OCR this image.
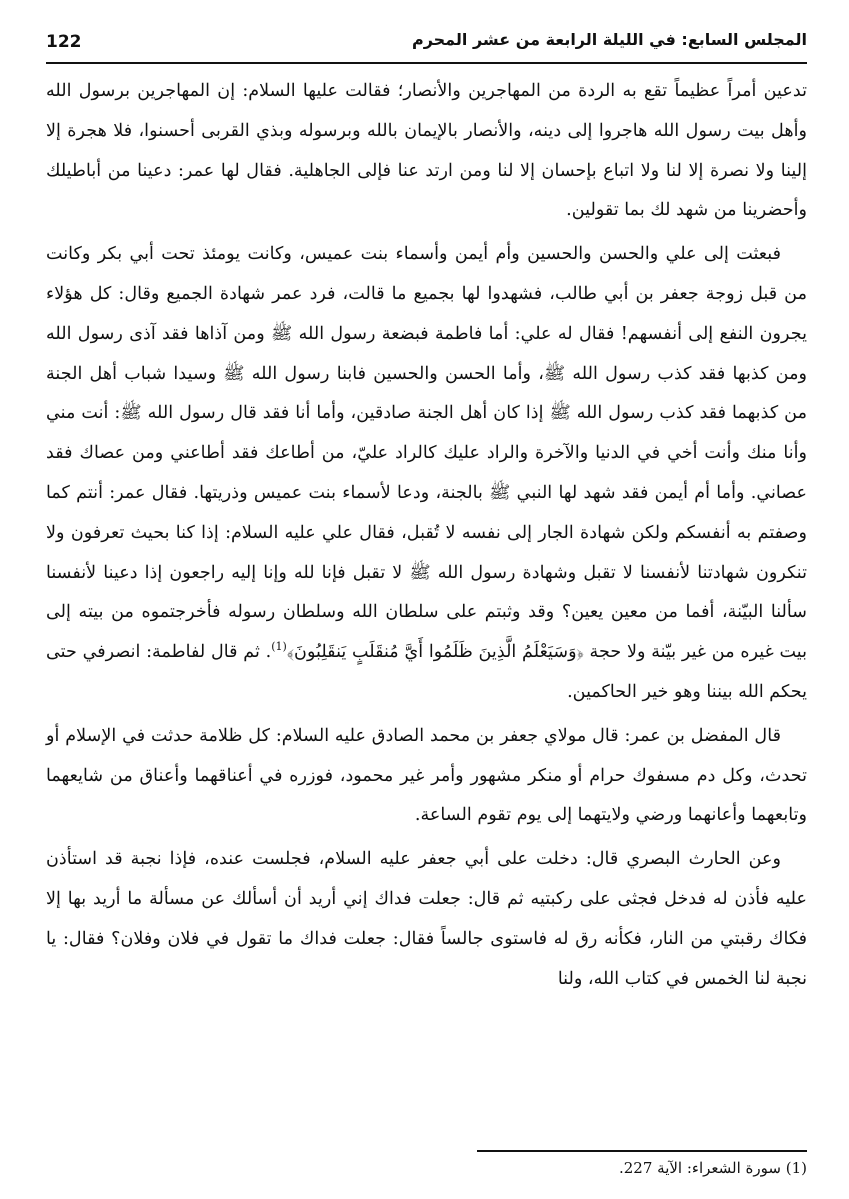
122	المجلس السابع: في الليلة الرابعة من عشر المحرم

تدعين أمراً عظيماً تقع به الردة من المهاجرين والأنصار؛ فقالت عليها السلام: إن المهاجرين برسول الله وأهل بيت رسول الله هاجروا إلى دينه، والأنصار بالإيمان بالله وبرسوله وبذي القربى أحسنوا، فلا هجرة إلا إلينا ولا نصرة إلا لنا ولا اتباع بإحسان إلا لنا ومن ارتد عنا فإلى الجاهلية. فقال لها عمر: دعينا من أباطيلك وأحضرينا من شهد لك بما تقولين.

فبعثت إلى علي والحسن والحسين وأم أيمن وأسماء بنت عميس، وكانت يومئذ تحت أبي بكر وكانت من قبل زوجة جعفر بن أبي طالب، فشهدوا لها بجميع ما قالت، فرد عمر شهادة الجميع وقال: كل هؤلاء يجرون النفع إلى أنفسهم! فقال له علي: أما فاطمة فبضعة رسول الله ﷺ ومن آذاها فقد آذى رسول الله ومن كذبها فقد كذب رسول الله ﷺ، وأما الحسن والحسين فابنا رسول الله ﷺ وسيدا شباب أهل الجنة من كذبهما فقد كذب رسول الله ﷺ إذا كان أهل الجنة صادقين، وأما أنا فقد قال رسول الله ﷺ: أنت مني وأنا منك وأنت أخي في الدنيا والآخرة والراد عليك كالراد عليّ، من أطاعك فقد أطاعني ومن عصاك فقد عصاني. وأما أم أيمن فقد شهد لها النبي ﷺ بالجنة، ودعا لأسماء بنت عميس وذريتها. فقال عمر: أنتم كما وصفتم به أنفسكم ولكن شهادة الجار إلى نفسه لا تُقبل، فقال علي عليه السلام: إذا كنا بحيث تعرفون ولا تنكرون شهادتنا لأنفسنا لا تقبل وشهادة رسول الله ﷺ لا تقبل فإنا لله وإنا إليه راجعون إذا دعينا لأنفسنا سألنا البيّنة، أفما من معين يعين؟ وقد وثبتم على سلطان الله وسلطان رسوله فأخرجتموه من بيته إلى بيت غيره من غير بيّنة ولا حجة ﴿وَسَيَعْلَمُ الَّذِينَ ظَلَمُوا أَيَّ مُنقَلَبٍ يَنقَلِبُونَ﴾$^{(1)}$. ثم قال لفاطمة: انصرفي حتى يحكم الله بيننا وهو خير الحاكمين.

قال المفضل بن عمر: قال مولاي جعفر بن محمد الصادق عليه السلام: كل ظلامة حدثت في الإسلام أو تحدث، وكل دم مسفوك حرام أو منكر مشهور وأمر غير محمود، فوزره في أعناقهما وأعناق من شايعهما وتابعهما وأعانهما ورضي ولايتهما إلى يوم تقوم الساعة.

وعن الحارث البصري قال: دخلت على أبي جعفر عليه السلام، فجلست عنده، فإذا نجبة قد استأذن عليه فأذن له فدخل فجثى على ركبتيه ثم قال: جعلت فداك إني أريد أن أسألك عن مسألة ما أريد بها إلا فكاك رقبتي من النار، فكأنه رق له فاستوى جالساً فقال: جعلت فداك ما تقول في فلان وفلان؟ فقال: يا نجبة لنا الخمس في كتاب الله، ولنا

(1) سورة الشعراء: الآية 227.
